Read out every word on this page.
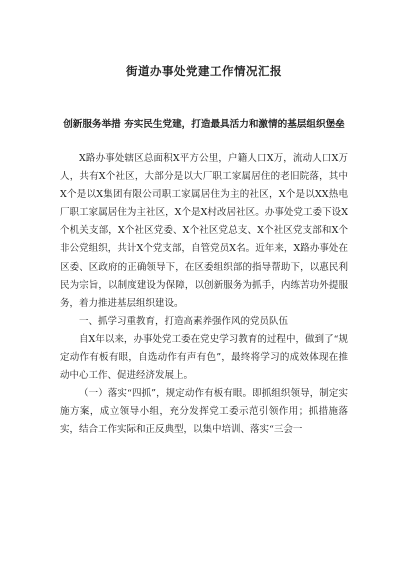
街道办事处党建工作情况汇报
创新服务举措 夯实民生党建，打造最具活力和激情的基层组织堡垒

X路办事处辖区总面积X平方公里，户籍人口X万，流动人口X万人，共有X个社区，大部分是以大厂职工家属居住的老旧院落，其中X个是以X集团有限公司职工家属居住为主的社区，X个是以XX热电厂职工家属居住为主社区，X个是X村改居社区。办事处党工委下设X个机关支部，X个社区党委、X个社区党总支、X个社区党支部和X个非公党组织，共计X个党支部，自管党员X名。近年来，X路办事处在区委、区政府的正确领导下，在区委组织部的指导帮助下，以惠民利民为宗旨，以制度建设为保障，以创新服务为抓手，内练苦功外提服务，着力推进基层组织建设。

一、抓学习重教育，打造高素养强作风的党员队伍

自X年以来，办事处党工委在党史学习教育的过程中，做到了“规定动作有板有眼，自选动作有声有色”，最终将学习的成效体现在推动中心工作、促进经济发展上。

（一）落实“四抓”，规定动作有板有眼。即抓组织领导，制定实施方案，成立领导小组，充分发挥党工委示范引领作用；抓措施落实，结合工作实际和正反典型，以集中培训、落实“三会一
